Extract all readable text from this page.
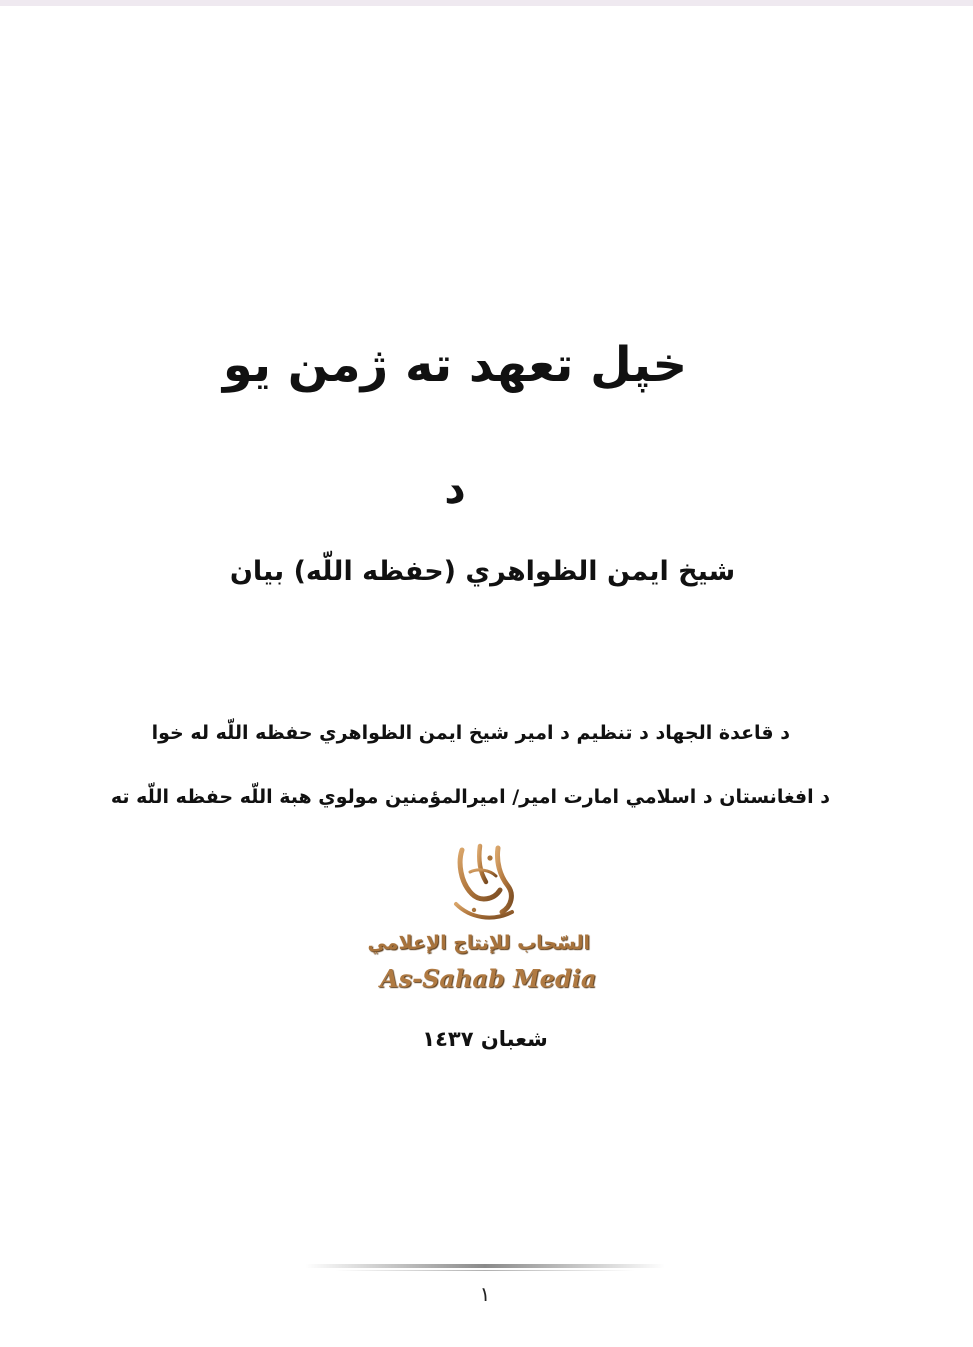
خپل تعهد ته ژمن یو
د
شيخ ايمن الظواهري (حفظه اللّه) بيان
د قاعدة الجهاد د تنظيم د امير شيخ ايمن الظواهري حفظه اللّه له خوا
د افغانستان د اسلامي امارت امير/ اميرالمؤمنين مولوي هبة اللّه حفظه اللّه ته
السّحاب للإنتاج الإعلامي
As-Sahab Media
شعبان ١٤٣٧
١
